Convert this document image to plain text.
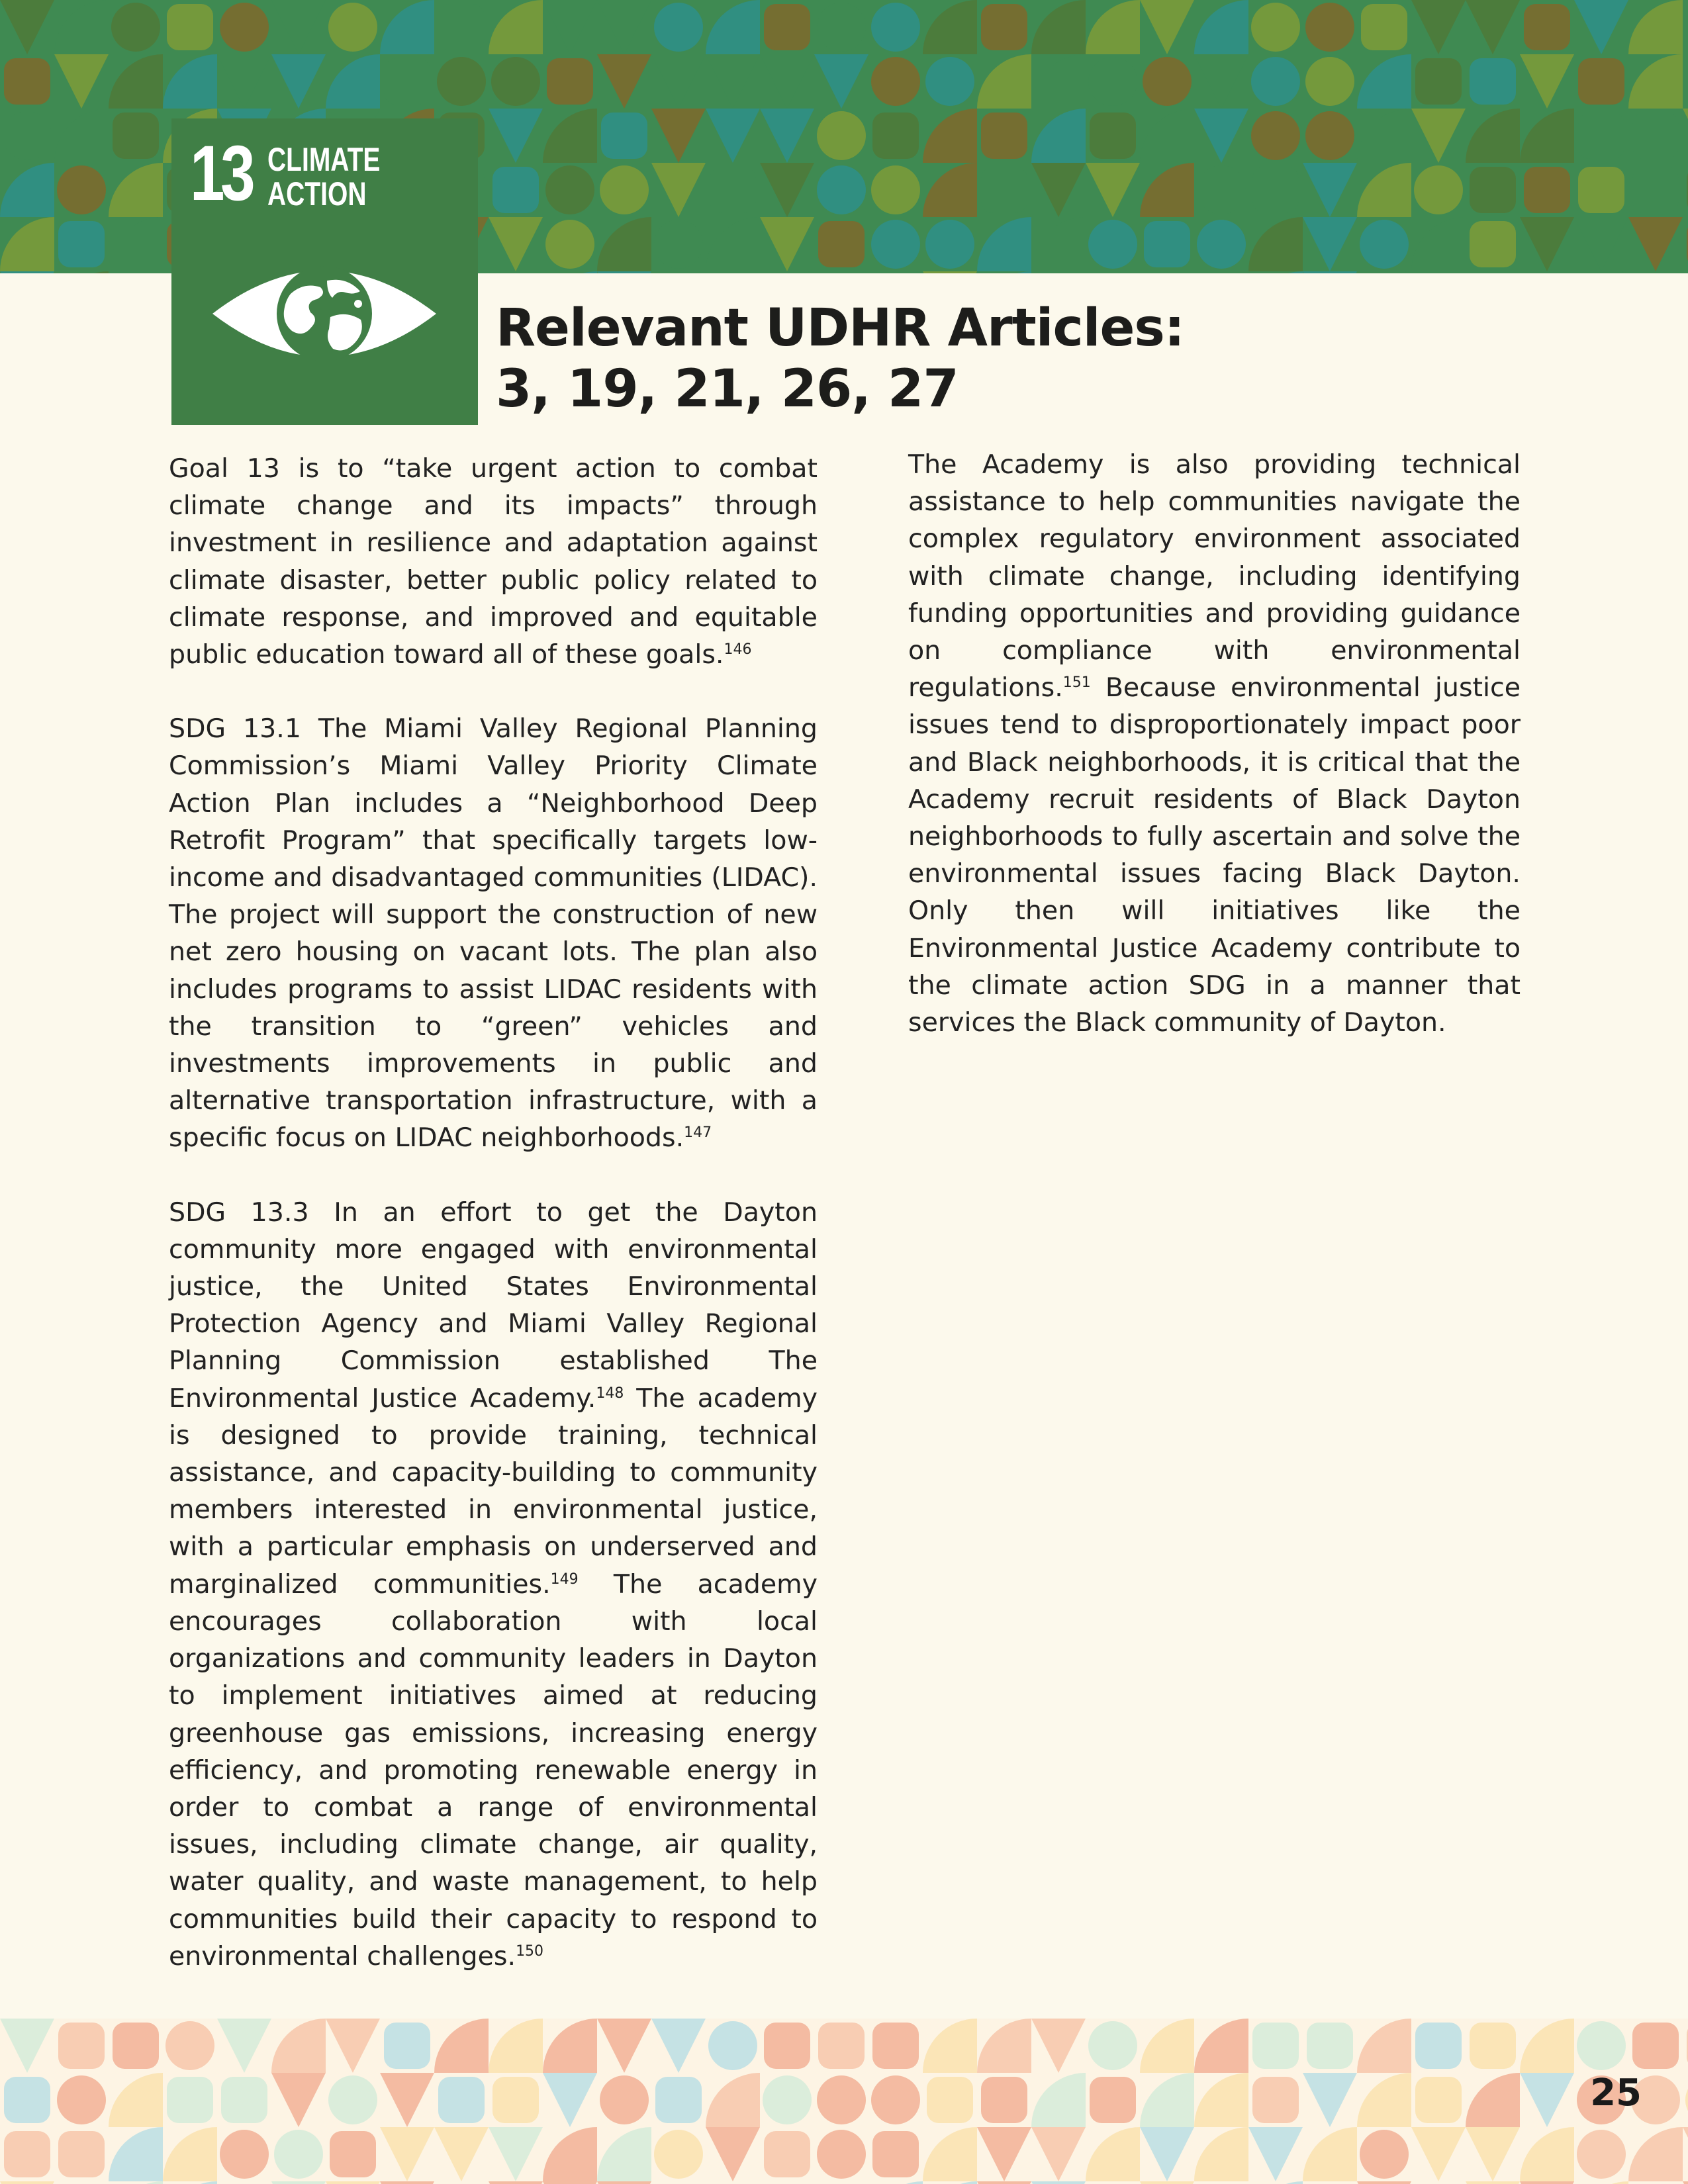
13 CLIMATE
ACTION
Relevant UDHR Articles:
3, 19, 21, 26, 27

Goal 13 is to “take urgent action to combat climate change and its impacts” through investment in resilience and adaptation against climate disaster, better public policy related to climate response, and improved and equitable public education toward all of these goals.$^{146}$

SDG 13.1 The Miami Valley Regional Planning Commission’s Miami Valley Priority Climate Action Plan includes a “Neighborhood Deep Retrofit Program” that specifically targets low-income and disadvantaged communities (LIDAC). The project will support the construction of new net zero housing on vacant lots. The plan also includes programs to assist LIDAC residents with the transition to “green” vehicles and investments improvements in public and alternative transportation infrastructure, with a specific focus on LIDAC neighborhoods.$^{147}$

SDG 13.3 In an effort to get the Dayton community more engaged with environmental justice, the United States Environmental Protection Agency and Miami Valley Regional Planning Commission established The Environmental Justice Academy.$^{148}$ The academy is designed to provide training, technical assistance, and capacity-building to community members interested in environmental justice, with a particular emphasis on underserved and marginalized communities.$^{149}$ The academy encourages collaboration with local organizations and community leaders in Dayton to implement initiatives aimed at reducing greenhouse gas emissions, increasing energy efficiency, and promoting renewable energy in order to combat a range of environmental issues, including climate change, air quality, water quality, and waste management, to help communities build their capacity to respond to environmental challenges.$^{150}$

The Academy is also providing technical assistance to help communities navigate the complex regulatory environment associated with climate change, including identifying funding opportunities and providing guidance on compliance with environmental regulations.$^{151}$ Because environmental justice issues tend to disproportionately impact poor and Black neighborhoods, it is critical that the Academy recruit residents of Black Dayton neighborhoods to fully ascertain and solve the environmental issues facing Black Dayton. Only then will initiatives like the Environmental Justice Academy contribute to the climate action SDG in a manner that services the Black community of Dayton.

25
